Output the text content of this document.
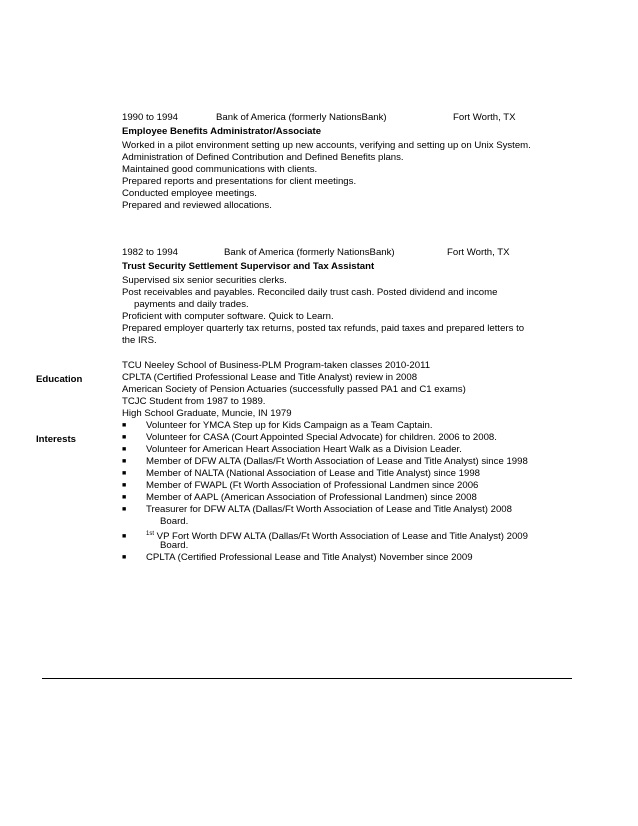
1990 to 1994	Bank of America (formerly NationsBank)	Fort Worth, TX
Employee Benefits Administrator/Associate
Worked in a pilot environment setting up new accounts, verifying and setting up on Unix System.
Administration of Defined Contribution and Defined Benefits plans.
Maintained good communications with clients.
Prepared reports and presentations for client meetings.
Conducted employee meetings.
Prepared and reviewed allocations.
1982 to 1994	Bank of America (formerly NationsBank)	Fort Worth, TX
Trust Security Settlement Supervisor and Tax Assistant
Supervised six senior securities clerks.
Post receivables and payables. Reconciled daily trust cash. Posted dividend and income
payments and daily trades.
Proficient with computer software. Quick to Learn.
Prepared employer quarterly tax returns, posted tax refunds, paid taxes and prepared letters to
the IRS.
Education
TCU Neeley School of Business-PLM Program-taken classes 2010-2011
CPLTA (Certified Professional Lease and Title Analyst) review in 2008
American Society of Pension Actuaries (successfully passed PA1 and C1 exams)
TCJC Student from 1987 to 1989.
High School Graduate, Muncie, IN 1979
Interests
■ Volunteer for YMCA Step up for Kids Campaign as a Team Captain.
■ Volunteer for CASA (Court Appointed Special Advocate) for children. 2006 to 2008.
■ Volunteer for American Heart Association Heart Walk as a Division Leader.
■ Member of DFW ALTA (Dallas/Ft Worth Association of Lease and Title Analyst) since 1998
■ Member of NALTA (National Association of Lease and Title Analyst) since 1998
■ Member of FWAPL (Ft Worth Association of Professional Landmen since 2006
■ Member of AAPL (American Association of Professional Landmen) since 2008
■ Treasurer for DFW ALTA (Dallas/Ft Worth Association of Lease and Title Analyst) 2008
Board.
■	$^{1st}$ VP Fort Worth DFW ALTA (Dallas/Ft Worth Association of Lease and Title Analyst) 2009
Board.
■ CPLTA (Certified Professional Lease and Title Analyst) November since 2009
